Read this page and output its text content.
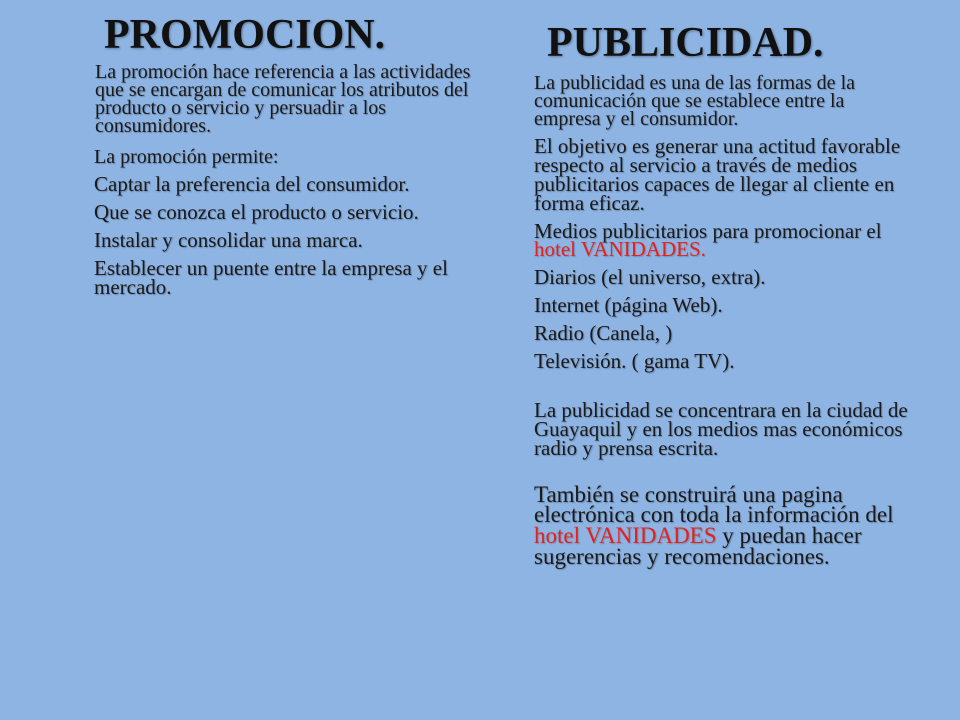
PROMOCION.	PUBLICIDAD.

La promoción hace referencia a las actividades que se encargan de comunicar los atributos del producto o servicio y persuadir a los consumidores.

La promoción permite:

Captar la preferencia del consumidor.

Que se conozca el producto o servicio.

Instalar y consolidar una marca.

Establecer un puente entre la empresa y el mercado.

La publicidad es una de las formas de la comunicación que se establece entre la empresa y el consumidor.

El objetivo es generar una actitud favorable respecto al servicio a través de medios publicitarios capaces de llegar al cliente en forma eficaz.

Medios publicitarios para promocionar el hotel VANIDADES.

Diarios (el universo, extra).

Internet (página Web).

Radio (Canela, )

Televisión. ( gama TV).

La publicidad se concentrara en la ciudad de Guayaquil y en los medios mas económicos radio y prensa escrita.

También se construirá una pagina electrónica con toda la información del hotel VANIDADES y puedan hacer sugerencias y recomendaciones.
